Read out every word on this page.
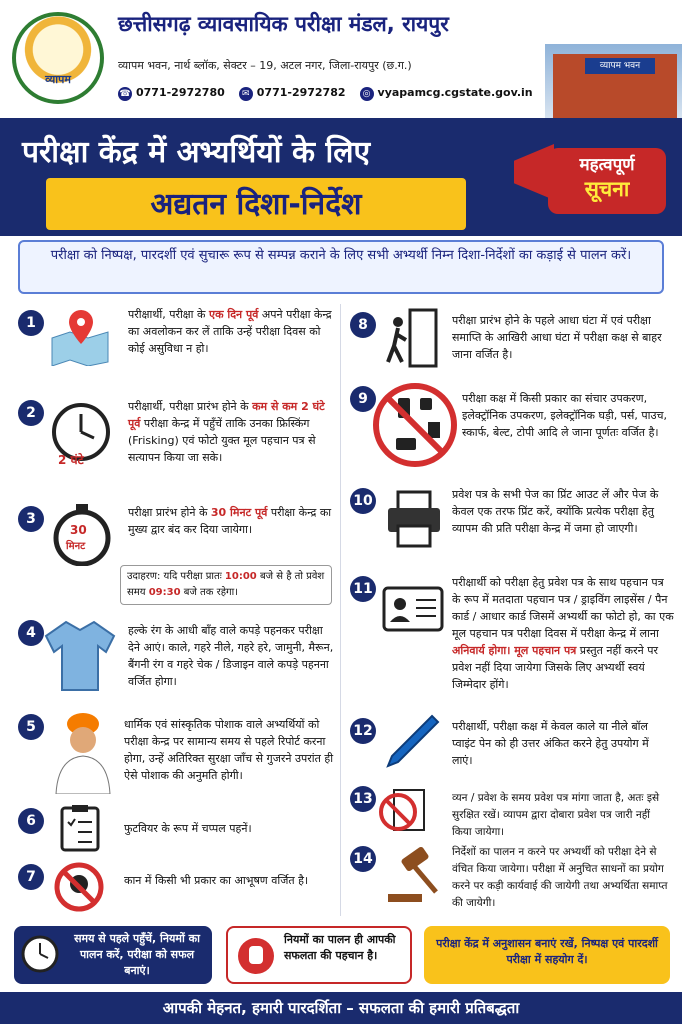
व्यापम
छत्तीसगढ़ व्यावसायिक परीक्षा मंडल, रायपुर
व्यापम भवन, नार्थ ब्लॉक, सेक्टर – 19, अटल नगर, जिला-रायपुर (छ.ग.)
☎ 0771-2972780	✉ 0771-2972782	◎ vyapamcg.cgstate.gov.in
व्यापम भवन
परीक्षा केंद्र में अभ्यर्थियों के लिए
अद्यतन दिशा-निर्देश
महत्वपूर्ण
सूचना
परीक्षा को निष्पक्ष, पारदर्शी एवं सुचारू रूप से सम्पन्न कराने के लिए सभी अभ्यर्थी निम्न दिशा-निर्देशों का कड़ाई से पालन करें।
1
परीक्षार्थी, परीक्षा के एक दिन पूर्व अपने परीक्षा केन्द्र का अवलोकन कर लें ताकि उन्हें परीक्षा दिवस को कोई असुविधा न हो।
2
2 घंटे
परीक्षार्थी, परीक्षा प्रारंभ होने के कम से कम 2 घंटे पूर्व परीक्षा केन्द्र में पहुँचें ताकि उनका फ्रिस्किंग (Frisking) एवं फोटो युक्त मूल पहचान पत्र से सत्यापन किया जा सके।
3
30
मिनट
परीक्षा प्रारंभ होने के 30 मिनट पूर्व परीक्षा केन्द्र का मुख्य द्वार बंद कर दिया जायेगा।
उदाहरण: यदि परीक्षा प्रातः 10:00 बजे से है तो प्रवेश समय 09:30 बजे तक रहेगा।
4	हल्के रंग के आधी बाँह वाले कपड़े पहनकर परीक्षा देने आएं। काले, गहरे नीले, गहरे हरे, जामुनी, मैरून, बैंगनी रंग व गहरे चेक / डिजाइन वाले कपड़े पहनना वर्जित होगा।
5	धार्मिक एवं सांस्कृतिक पोशाक वाले अभ्यर्थियों को परीक्षा केन्द्र पर सामान्य समय से पहले रिपोर्ट करना होगा, उन्हें अतिरिक्त सुरक्षा जाँच से गुजरने उपरांत ही ऐसे पोशाक की अनुमति होगी।
6	फुटवियर के रूप में चप्पल पहनें।
7	कान में किसी भी प्रकार का आभूषण वर्जित है।
8	परीक्षा प्रारंभ होने के पहले आधा घंटा में एवं परीक्षा समाप्ति के आखिरी आधा घंटा में परीक्षा कक्ष से बाहर जाना वर्जित है।
9	परीक्षा कक्ष में किसी प्रकार का संचार उपकरण, इलेक्ट्रॉनिक उपकरण, इलेक्ट्रॉनिक घड़ी, पर्स, पाउच, स्कार्फ, बेल्ट, टोपी आदि ले जाना पूर्णतः वर्जित है।
10	प्रवेश पत्र के सभी पेज का प्रिंट आउट लें और पेज के केवल एक तरफ प्रिंट करें, क्योंकि प्रत्येक परीक्षा हेतु व्यापम की प्रति परीक्षा केन्द्र में जमा हो जाएगी।
11	परीक्षार्थी को परीक्षा हेतु प्रवेश पत्र के साथ पहचान पत्र के रूप में मतदाता पहचान पत्र / ड्राइविंग लाइसेंस / पैन कार्ड / आधार कार्ड जिसमें अभ्यर्थी का फोटो हो, का एक मूल पहचान पत्र परीक्षा दिवस में परीक्षा केन्द्र में लाना अनिवार्य होगा। मूल पहचान पत्र प्रस्तुत नहीं करने पर प्रवेश नहीं दिया जायेगा जिसके लिए अभ्यर्थी स्वयं जिम्मेदार होंगे।
12	परीक्षार्थी, परीक्षा कक्ष में केवल काले या नीले बॉल प्वाइंट पेन को ही उत्तर अंकित करने हेतु उपयोग में लाएं।
13	व्यन / प्रवेश के समय प्रवेश पत्र मांगा जाता है, अतः इसे सुरक्षित रखें। व्यापम द्वारा दोबारा प्रवेश पत्र जारी नहीं किया जायेगा।
14	निर्देशों का पालन न करने पर अभ्यर्थी को परीक्षा देने से वंचित किया जायेगा। परीक्षा में अनुचित साधनों का प्रयोग करने पर कड़ी कार्यवाई की जायेगी तथा अभ्यर्थिता समाप्त की जायेगी।
समय से पहले पहुँचें, नियमों का पालन करें, परीक्षा को सफल बनाएं।
नियमों का पालन ही आपकी सफलता की पहचान है।
परीक्षा केंद्र में अनुशासन बनाएं रखें, निष्पक्ष एवं पारदर्शी परीक्षा में सहयोग दें।
आपकी मेहनत, हमारी पारदर्शिता – सफलता की हमारी प्रतिबद्धता
